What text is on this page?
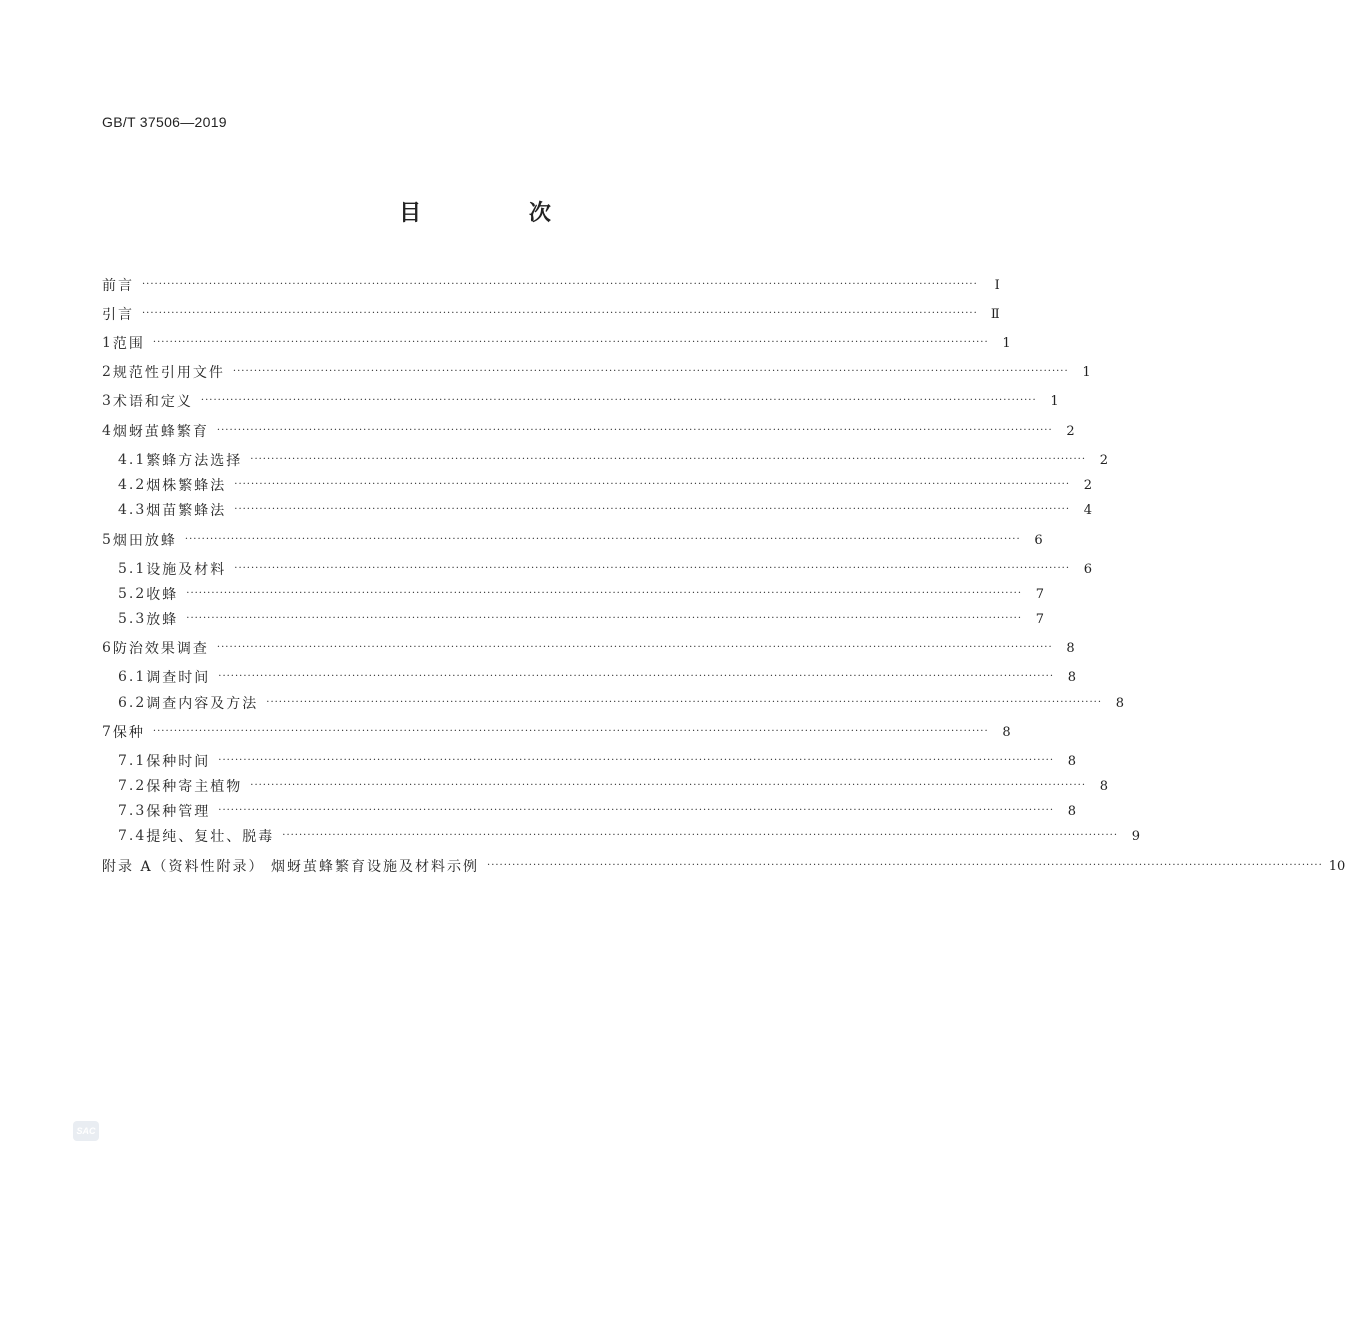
GB/T 37506—2019
目 次
前言 ········································································································································································································	Ⅰ
引言 ········································································································································································································	Ⅱ
1 范围 ········································································································································································································	1
2 规范性引用文件 ········································································································································································································	1
3 术语和定义 ········································································································································································································	1
4 烟蚜茧蜂繁育 ········································································································································································································	2
4.1 繁蜂方法选择 ········································································································································································································	2
4.2 烟株繁蜂法 ········································································································································································································	2
4.3 烟苗繁蜂法 ········································································································································································································	4
5 烟田放蜂 ········································································································································································································	6
5.1 设施及材料 ········································································································································································································	6
5.2 收蜂 ········································································································································································································	7
5.3 放蜂 ········································································································································································································	7
6 防治效果调查 ········································································································································································································	8
6.1 调查时间 ········································································································································································································	8
6.2 调查内容及方法 ········································································································································································································	8
7 保种 ········································································································································································································	8
7.1 保种时间 ········································································································································································································	8
7.2 保种寄主植物 ········································································································································································································	8
7.3 保种管理 ········································································································································································································	8
7.4 提纯、复壮、脱毒 ········································································································································································································	9
附录 A（资料性附录） 烟蚜茧蜂繁育设施及材料示例 ········································································································································································································ 10
SAC
